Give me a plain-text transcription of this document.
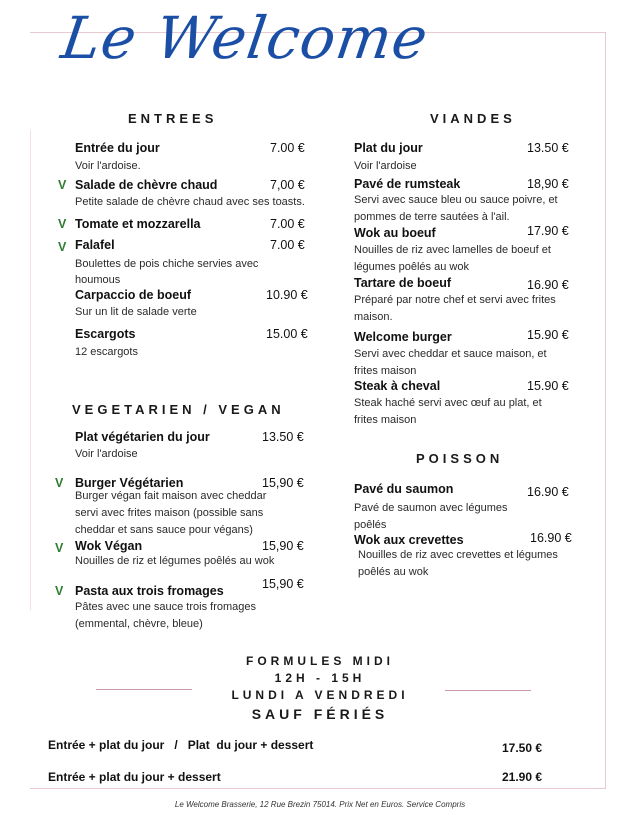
Le Welcome
ENTREES
Entrée du jour	7.00 €
Voir l'ardoise.
V Salade de chèvre chaud	7,00 €
Petite salade de chèvre chaud avec ses toasts.
V Tomate et mozzarella	7.00 €
V Falafel	7.00 €
Boulettes de pois chiche servies avec houmous
Carpaccio de boeuf	10.90 €
Sur un lit de salade verte
Escargots	15.00 €
12 escargots
VEGETARIEN / VEGAN
Plat végétarien du jour	13.50 €
Voir l'ardoise
V Burger Végétarien	15,90 €
Burger végan fait maison avec cheddar servi avec frites maison (possible sans cheddar et sans sauce pour végans)
V Wok Végan	15,90 €
Nouilles de riz et légumes poêlés au wok
V Pasta aux trois fromages	15,90 €
Pâtes avec une sauce trois fromages (emmental, chèvre, bleue)
VIANDES
Plat du jour	13.50 €
Voir l'ardoise
Pavé de rumsteak	18,90 €
Servi avec sauce bleu ou sauce poivre, et pommes de terre sautées à l'ail.
Wok au boeuf	17.90 €
Nouilles de riz avec lamelles de boeuf et légumes poêlés au wok
Tartare de boeuf	16.90 €
Préparé par notre chef et servi avec frites maison.
Welcome burger	15.90 €
Servi avec cheddar et sauce maison, et frites maison
Steak à cheval	15.90 €
Steak haché servi avec œuf au plat, et frites maison
POISSON
Pavé du saumon	16.90 €
Pavé de saumon avec légumes poêlés
Wok aux crevettes	16.90 €
Nouilles de riz avec crevettes et légumes poêlés au wok
FORMULES MIDI
12H - 15H
LUNDI A VENDREDI
SAUF FÉRIÉS
Entrée + plat du jour   /   Plat  du jour + dessert	17.50 €
Entrée + plat du jour + dessert	21.90 €
Le Welcome Brasserie, 12 Rue Brezin 75014. Prix Net en Euros. Service Compris
